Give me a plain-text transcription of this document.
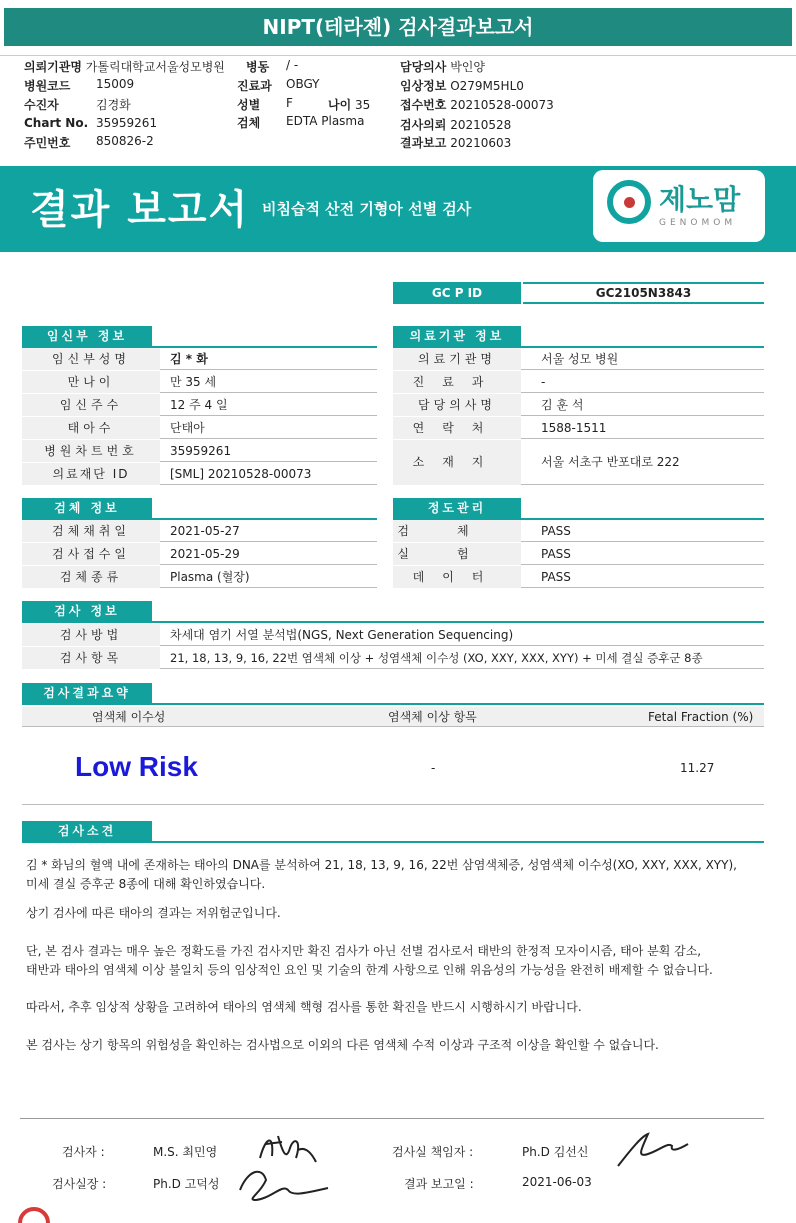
NIPT(테라젠) 검사결과보고서
의뢰기관명 가톨릭대학교서울성모병원 병동 / -	담당의사 박인양
병원코드 15009	진료과 OBGY	임상정보 O279M5HL0
수진자	김경화	성별 F	나이 35 접수번호 20210528-00073
Chart No. 35959261	검체 EDTA Plasma	검사의뢰 20210528
주민번호 850826-2	결과보고 20210603
결과 보고서 비침습적 산전 기형아 선별 검사	제노맘
GENOMOM
GC P ID	GC2105N3843
임신부 정보
임신부성명	김 * 화
만나이	만 35 세
임신주수	12 주 4 일
태아수	단태아
병원차트번호	35959261
의료재단 ID	[SML] 20210528-00073
의료기관 정보
의료기관명	서울 성모 병원
진료과	-
담당의사명	김 훈 석
연락처	1588-1511
소재지	서울 서초구 반포대로 222
검체 정보
검체채취일	2021-05-27
검사접수일	2021-05-29
검체종류	Plasma (혈장)
정도관리
검체	PASS
실험	PASS
데이터	PASS
검사 정보
검사방법	차세대 염기 서열 분석법(NGS, Next Generation Sequencing)
검사항목	21, 18, 13, 9, 16, 22번 염색체 이상 + 성염색체 이수성 (XO, XXY, XXX, XYY) + 미세 결실 증후군 8종
검사결과요약
염색체 이수성	염색체 이상 항목	Fetal Fraction (%)
Low Risk	-	11.27
검사소견
김 * 화님의 혈액 내에 존재하는 태아의 DNA를 분석하여 21, 18, 13, 9, 16, 22번 삼염색체증, 성염색체 이수성(XO, XXY, XXX, XYY),
미세 결실 증후군 8종에 대해 확인하였습니다.
상기 검사에 따른 태아의 결과는 저위험군입니다.
단, 본 검사 결과는 매우 높은 정확도를 가진 검사지만 확진 검사가 아닌 선별 검사로서 태반의 한정적 모자이시즘, 태아 분획 감소,
태반과 태아의 염색체 이상 불일치 등의 임상적인 요인 및 기술의 한계 사항으로 인해 위음성의 가능성을 완전히 배제할 수 없습니다.
따라서, 추후 임상적 상황을 고려하여 태아의 염색체 핵형 검사를 통한 확진을 반드시 시행하시기 바랍니다.
본 검사는 상기 항목의 위험성을 확인하는 검사법으로 이외의 다른 염색체 수적 이상과 구조적 이상을 확인할 수 없습니다.
검사자 :	M.S. 최민영	검사실 책임자 :	Ph.D 김선신
검사실장 :	Ph.D 고덕성	결과 보고일 :	2021-06-03
